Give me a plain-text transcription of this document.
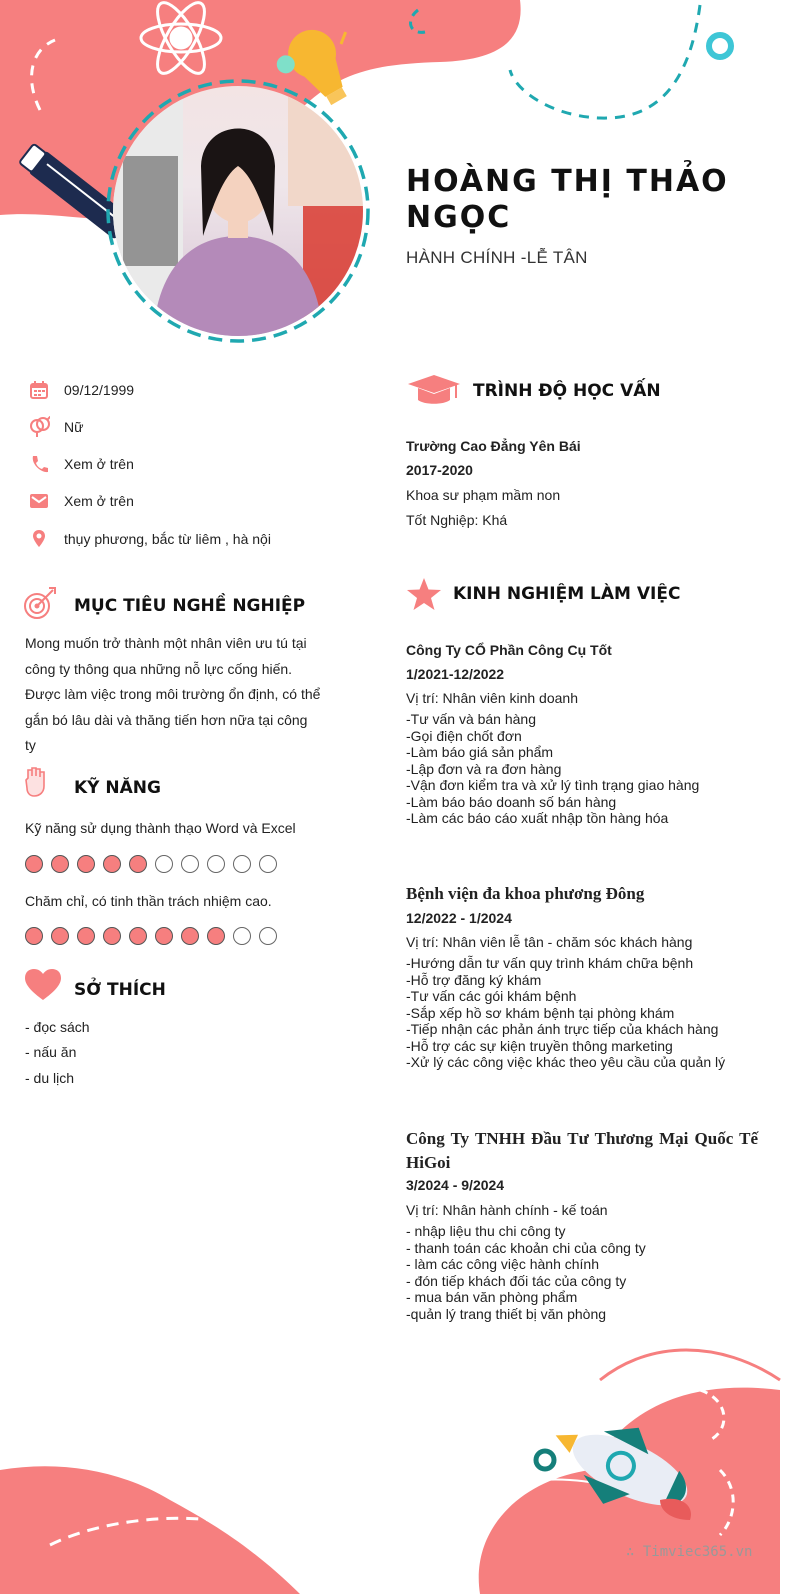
HOÀNG THỊ THẢO
NGỌC
HÀNH CHÍNH -LỄ TÂN
09/12/1999
Nữ
Xem ở trên
Xem ở trên
thụy phương, bắc từ liêm , hà nội
MỤC TIÊU NGHỀ NGHIỆP
Mong muốn trở thành một nhân viên ưu tú tại
công ty thông qua những nỗ lực cống hiến.
Được làm việc trong môi trường ổn định, có thể
gắn bó lâu dài và thăng tiến hơn nữa tại công
ty
KỸ NĂNG
Kỹ năng sử dụng thành thạo Word và Excel
Chăm chỉ, có tinh thần trách nhiệm cao.
SỞ THÍCH
- đọc sách
- nấu ăn
- du lịch
TRÌNH ĐỘ HỌC VẤN
Trường Cao Đẳng Yên Bái
2017-2020
Khoa sư phạm mầm non
Tốt Nghiệp: Khá
KINH NGHIỆM LÀM VIỆC
Công Ty CỔ Phần Công Cụ Tốt
1/2021-12/2022
Vị trí: Nhân viên kinh doanh
-Tư vấn và bán hàng
-Gọi điện chốt đơn
-Làm báo giá sản phẩm
-Lập đơn và ra đơn hàng
-Vận đơn kiểm tra và xử lý tình trạng giao hàng
-Làm báo báo doanh số bán hàng
-Làm các báo cáo xuất nhập tồn hàng hóa
Bệnh viện đa khoa phương Đông
12/2022 - 1/2024
Vị trí: Nhân viên lễ tân - chăm sóc khách hàng
-Hướng dẫn tư vấn quy trình khám chữa bệnh
-Hỗ trợ đăng ký khám
-Tư vấn các gói khám bệnh
-Sắp xếp hồ sơ khám bệnh tại phòng khám
-Tiếp nhận các phản ánh trực tiếp của khách hàng
-Hỗ trợ các sự kiện truyền thông marketing
-Xử lý các công việc khác theo yêu cầu của quản lý
Công Ty TNHH Đầu Tư Thương Mại Quốc Tế
HiGoi
3/2024 - 9/2024
Vị trí: Nhân hành chính - kế toán
- nhập liệu thu chi công ty
- thanh toán các khoản chi của công ty
- làm các công việc hành chính
- đón tiếp khách đối tác của công ty
- mua bán văn phòng phẩm
-quản lý trang thiết bị văn phòng
∴ Timviec365.vn
